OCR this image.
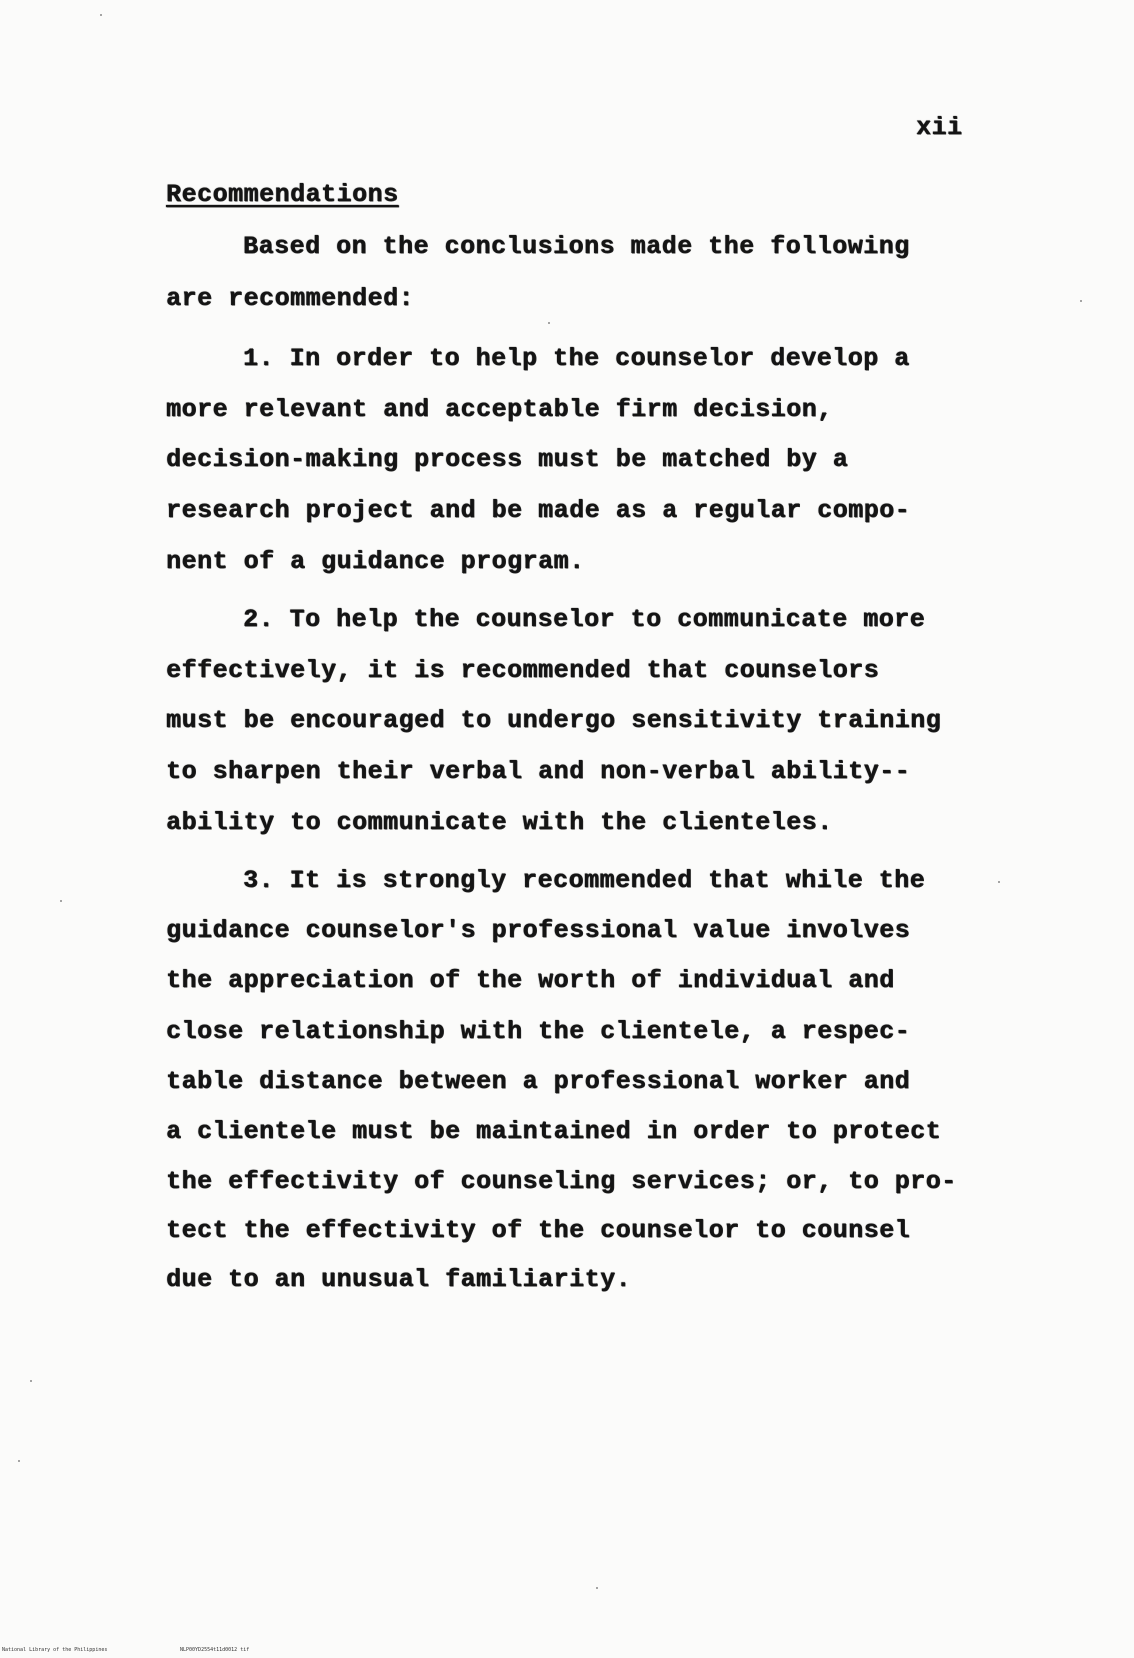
xii
Recommendations
Based on the conclusions made the following
are recommended:
1. In order to help the counselor develop a
more relevant and acceptable firm decision,
decision-making process must be matched by a
research project and be made as a regular compo-
nent of a guidance program.
2. To help the counselor to communicate more
effectively, it is recommended that counselors
must be encouraged to undergo sensitivity training
to sharpen their verbal and non-verbal ability--
ability to communicate with the clienteles.
3. It is strongly recommended that while the
guidance counselor's professional value involves
the appreciation of the worth of individual and
close relationship with the clientele, a respec-
table distance between a professional worker and
a clientele must be maintained in order to protect
the effectivity of counseling services; or, to pro-
tect the effectivity of the counselor to counsel
due to an unusual familiarity.
National Library of the Philippines	NLP00YD2554t11d0012 tif
